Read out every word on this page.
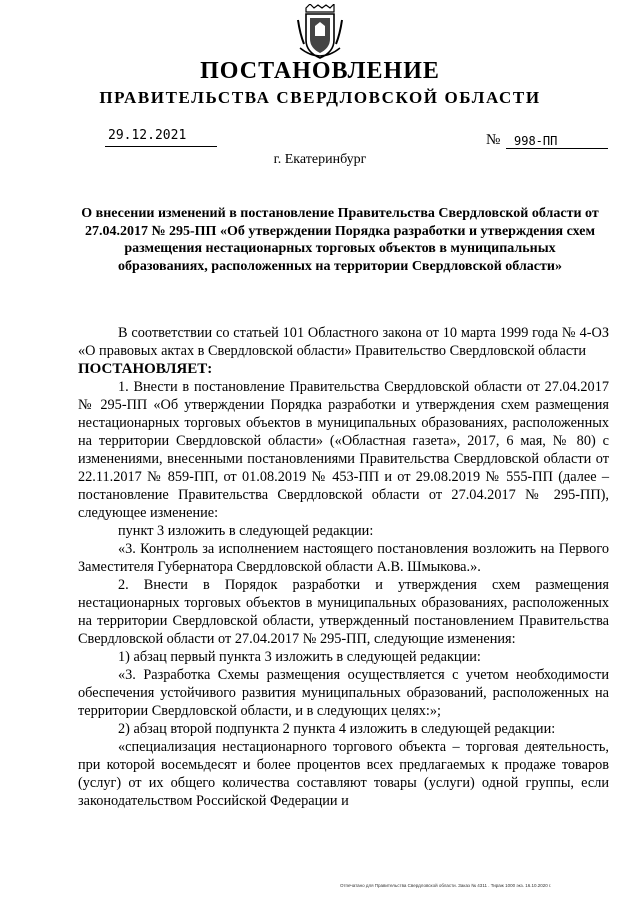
ПОСТАНОВЛЕНИЕ
ПРАВИТЕЛЬСТВА СВЕРДЛОВСКОЙ ОБЛАСТИ
29.12.2021	№ 998-ПП
г. Екатеринбург
О внесении изменений в постановление Правительства Свердловской области от 27.04.2017 № 295-ПП «Об утверждении Порядка разработки и утверждения схем размещения нестационарных торговых объектов в муниципальных образованиях, расположенных на территории Свердловской области»

В соответствии со статьей 101 Областного закона от 10 марта 1999 года № 4-ОЗ «О правовых актах в Свердловской области» Правительство Свердловской области

ПОСТАНОВЛЯЕТ:

1. Внести в постановление Правительства Свердловской области от 27.04.2017 № 295-ПП «Об утверждении Порядка разработки и утверждения схем размещения нестационарных торговых объектов в муниципальных образованиях, расположенных на территории Свердловской области» («Областная газета», 2017, 6 мая, № 80) с изменениями, внесенными постановлениями Правительства Свердловской области от 22.11.2017 № 859-ПП, от 01.08.2019 № 453-ПП и от 29.08.2019 № 555-ПП (далее – постановление Правительства Свердловской области от 27.04.2017 № 295-ПП), следующее изменение:

пункт 3 изложить в следующей редакции:

«3. Контроль за исполнением настоящего постановления возложить на Первого Заместителя Губернатора Свердловской области А.В. Шмыкова.».

2. Внести в Порядок разработки и утверждения схем размещения нестационарных торговых объектов в муниципальных образованиях, расположенных на территории Свердловской области, утвержденный постановлением Правительства Свердловской области от 27.04.2017 № 295-ПП, следующие изменения:

1) абзац первый пункта 3 изложить в следующей редакции:

«3. Разработка Схемы размещения осуществляется с учетом необходимости обеспечения устойчивого развития муниципальных образований, расположенных на территории Свердловской области, и в следующих целях:»;

2) абзац второй подпункта 2 пункта 4 изложить в следующей редакции:

«специализация нестационарного торгового объекта – торговая деятельность, при которой восемьдесят и более процентов всех предлагаемых к продаже товаров (услуг) от их общего количества составляют товары (услуги) одной группы, если законодательством Российской Федерации и

Отпечатано для Правительства Свердловской области. Заказ № 4311 . Тираж 1000 экз. 16.10.2020 г.
